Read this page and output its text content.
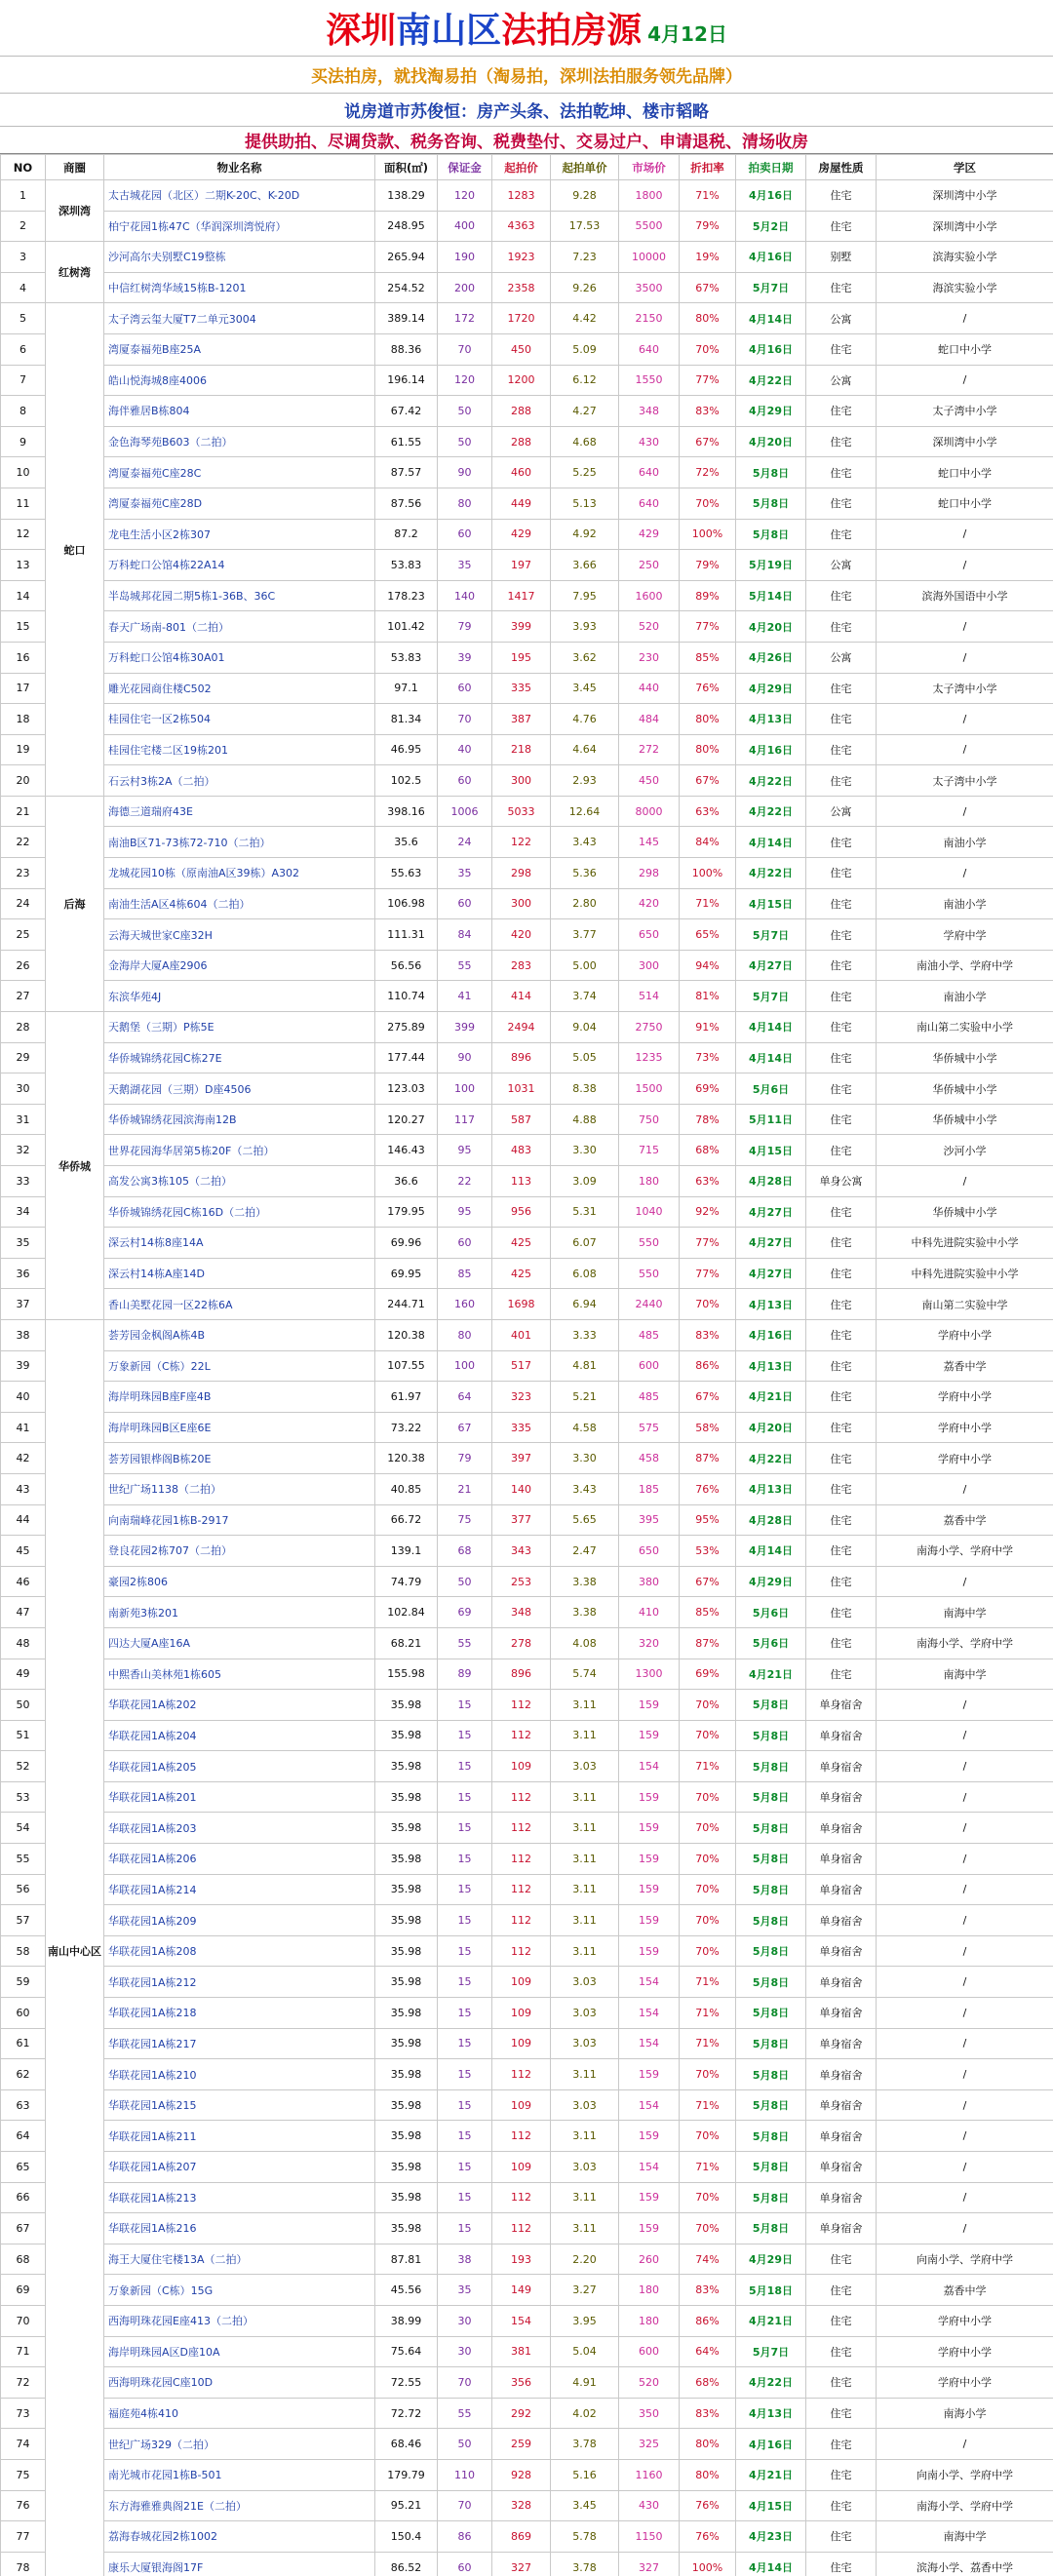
深圳 南山区 法拍房源 4月12日
买法拍房，就找淘易拍（淘易拍，深圳法拍服务领先品牌）
说房道市苏俊恒：房产头条、法拍乾坤、楼市韬略
提供助拍、尽调贷款、税务咨询、税费垫付、交易过户、申请退税、清场收房
NO	商圈	物业名称	面积(㎡)	保证金	起拍价	起拍单价	市场价	折扣率	拍卖日期	房屋性质	学区
1	深圳湾	太古城花园（北区）二期K-20C、K-20D	138.29	120	1283	9.28	1800	71%	4月16日	住宅	深圳湾中小学
2		柏宁花园1栋47C（华润深圳湾悦府）	248.95	400	4363	17.53	5500	79%	5月2日	住宅	深圳湾中小学
3	红树湾	沙河高尔夫别墅C19整栋	265.94	190	1923	7.23	10000	19%	4月16日	别墅	滨海实验小学
4		中信红树湾华域15栋B-1201	254.52	200	2358	9.26	3500	67%	5月7日	住宅	海滨实验小学
5	蛇口	太子湾云玺大厦T7二单元3004	389.14	172	1720	4.42	2150	80%	4月14日	公寓	/
6		湾厦泰福苑B座25A	88.36	70	450	5.09	640	70%	4月16日	住宅	蛇口中小学
7		皓山悦海城8座4006	196.14	120	1200	6.12	1550	77%	4月22日	公寓	/
8		海伴雅居B栋804	67.42	50	288	4.27	348	83%	4月29日	住宅	太子湾中小学
9		金色海琴苑B603（二拍）	61.55	50	288	4.68	430	67%	4月20日	住宅	深圳湾中小学
10		湾厦泰福苑C座28C	87.57	90	460	5.25	640	72%	5月8日	住宅	蛇口中小学
11		湾厦泰福苑C座28D	87.56	80	449	5.13	640	70%	5月8日	住宅	蛇口中小学
12		龙电生活小区2栋307	87.2	60	429	4.92	429	100%	5月8日	住宅	/
13		万科蛇口公馆4栋22A14	53.83	35	197	3.66	250	79%	5月19日	公寓	/
14		半岛城邦花园二期5栋1-36B、36C	178.23	140	1417	7.95	1600	89%	5月14日	住宅	滨海外国语中小学
15		春天广场南-801（二拍）	101.42	79	399	3.93	520	77%	4月20日	住宅	/
16		万科蛇口公馆4栋30A01	53.83	39	195	3.62	230	85%	4月26日	公寓	/
17		雕光花园商住楼C502	97.1	60	335	3.45	440	76%	4月29日	住宅	太子湾中小学
18		桂园住宅一区2栋504	81.34	70	387	4.76	484	80%	4月13日	住宅	/
19		桂园住宅楼二区19栋201	46.95	40	218	4.64	272	80%	4月16日	住宅	/
20		石云村3栋2A（二拍）	102.5	60	300	2.93	450	67%	4月22日	住宅	太子湾中小学
21	后海	海德三道瑞府43E	398.16	1006	5033	12.64	8000	63%	4月22日	公寓	/
22		南油B区71-73栋72-710（二拍）	35.6	24	122	3.43	145	84%	4月14日	住宅	南油小学
23		龙城花园10栋（原南油A区39栋）A302	55.63	35	298	5.36	298	100%	4月22日	住宅	/
24		南油生活A区4栋604（二拍）	106.98	60	300	2.80	420	71%	4月15日	住宅	南油小学
25		云海天城世家C座32H	111.31	84	420	3.77	650	65%	5月7日	住宅	学府中学
26		金海岸大厦A座2906	56.56	55	283	5.00	300	94%	4月27日	住宅	南油小学、学府中学
27		东滨华苑4J	110.74	41	414	3.74	514	81%	5月7日	住宅	南油小学
28	华侨城	天鹅堡（三期）P栋5E	275.89	399	2494	9.04	2750	91%	4月14日	住宅	南山第二实验中小学
29		华侨城锦绣花园C栋27E	177.44	90	896	5.05	1235	73%	4月14日	住宅	华侨城中小学
30		天鹅湖花园（三期）D座4506	123.03	100	1031	8.38	1500	69%	5月6日	住宅	华侨城中小学
31		华侨城锦绣花园滨海南12B	120.27	117	587	4.88	750	78%	5月11日	住宅	华侨城中小学
32		世界花园海华居第5栋20F（二拍）	146.43	95	483	3.30	715	68%	4月15日	住宅	沙河小学
33		高发公寓3栋105（二拍）	36.6	22	113	3.09	180	63%	4月28日	单身公寓	/
34		华侨城锦绣花园C栋16D（二拍）	179.95	95	956	5.31	1040	92%	4月27日	住宅	华侨城中小学
35		深云村14栋8座14A	69.96	60	425	6.07	550	77%	4月27日	住宅	中科先进院实验中小学
36		深云村14栋A座14D	69.95	85	425	6.08	550	77%	4月27日	住宅	中科先进院实验中小学
37		香山美墅花园一区22栋6A	244.71	160	1698	6.94	2440	70%	4月13日	住宅	南山第二实验中学
38	南山中心区	荟芳园金枫阁A栋4B	120.38	80	401	3.33	485	83%	4月16日	住宅	学府中小学
39		万象新园（C栋）22L	107.55	100	517	4.81	600	86%	4月13日	住宅	荔香中学
40		海岸明珠园B座F座4B	61.97	64	323	5.21	485	67%	4月21日	住宅	学府中小学
41		海岸明珠园B区E座6E	73.22	67	335	4.58	575	58%	4月20日	住宅	学府中小学
42		荟芳园银桦阁B栋20E	120.38	79	397	3.30	458	87%	4月22日	住宅	学府中小学
43		世纪广场1138（二拍）	40.85	21	140	3.43	185	76%	4月13日	住宅	/
44		向南瑞峰花园1栋B-2917	66.72	75	377	5.65	395	95%	4月28日	住宅	荔香中学
45		登良花园2栋707（二拍）	139.1	68	343	2.47	650	53%	4月14日	住宅	南海小学、学府中学
46		豪园2栋806	74.79	50	253	3.38	380	67%	4月29日	住宅	/
47		南新苑3栋201	102.84	69	348	3.38	410	85%	5月6日	住宅	南海中学
48		四达大厦A座16A	68.21	55	278	4.08	320	87%	5月6日	住宅	南海小学、学府中学
49		中熙香山美林苑1栋605	155.98	89	896	5.74	1300	69%	4月21日	住宅	南海中学
50		华联花园1A栋202	35.98	15	112	3.11	159	70%	5月8日	单身宿舍	/
51		华联花园1A栋204	35.98	15	112	3.11	159	70%	5月8日	单身宿舍	/
52		华联花园1A栋205	35.98	15	109	3.03	154	71%	5月8日	单身宿舍	/
53		华联花园1A栋201	35.98	15	112	3.11	159	70%	5月8日	单身宿舍	/
54		华联花园1A栋203	35.98	15	112	3.11	159	70%	5月8日	单身宿舍	/
55		华联花园1A栋206	35.98	15	112	3.11	159	70%	5月8日	单身宿舍	/
56		华联花园1A栋214	35.98	15	112	3.11	159	70%	5月8日	单身宿舍	/
57		华联花园1A栋209	35.98	15	112	3.11	159	70%	5月8日	单身宿舍	/
58		华联花园1A栋208	35.98	15	112	3.11	159	70%	5月8日	单身宿舍	/
59		华联花园1A栋212	35.98	15	109	3.03	154	71%	5月8日	单身宿舍	/
60		华联花园1A栋218	35.98	15	109	3.03	154	71%	5月8日	单身宿舍	/
61		华联花园1A栋217	35.98	15	109	3.03	154	71%	5月8日	单身宿舍	/
62		华联花园1A栋210	35.98	15	112	3.11	159	70%	5月8日	单身宿舍	/
63		华联花园1A栋215	35.98	15	109	3.03	154	71%	5月8日	单身宿舍	/
64		华联花园1A栋211	35.98	15	112	3.11	159	70%	5月8日	单身宿舍	/
65		华联花园1A栋207	35.98	15	109	3.03	154	71%	5月8日	单身宿舍	/
66		华联花园1A栋213	35.98	15	112	3.11	159	70%	5月8日	单身宿舍	/
67		华联花园1A栋216	35.98	15	112	3.11	159	70%	5月8日	单身宿舍	/
68		海王大厦住宅楼13A（二拍）	87.81	38	193	2.20	260	74%	4月29日	住宅	向南小学、学府中学
69		万象新园（C栋）15G	45.56	35	149	3.27	180	83%	5月18日	住宅	荔香中学
70		西海明珠花园E座413（二拍）	38.99	30	154	3.95	180	86%	4月21日	住宅	学府中小学
71		海岸明珠园A区D座10A	75.64	30	381	5.04	600	64%	5月7日	住宅	学府中小学
72		西海明珠花园C座10D	72.55	70	356	4.91	520	68%	4月22日	住宅	学府中小学
73		福庭苑4栋410	72.72	55	292	4.02	350	83%	4月13日	住宅	南海小学
74		世纪广场329（二拍）	68.46	50	259	3.78	325	80%	4月16日	住宅	/
75		南光城市花园1栋B-501	179.79	110	928	5.16	1160	80%	4月21日	住宅	向南小学、学府中学
76		东方海雅雅典阁21E（二拍）	95.21	70	328	3.45	430	76%	4月15日	住宅	南海小学、学府中学
77		荔海春城花园2栋1002	150.4	86	869	5.78	1150	76%	4月23日	住宅	南海中学
78		康乐大厦银海阁17F	86.52	60	327	3.78	327	100%	4月14日	住宅	滨海小学、荔香中学
